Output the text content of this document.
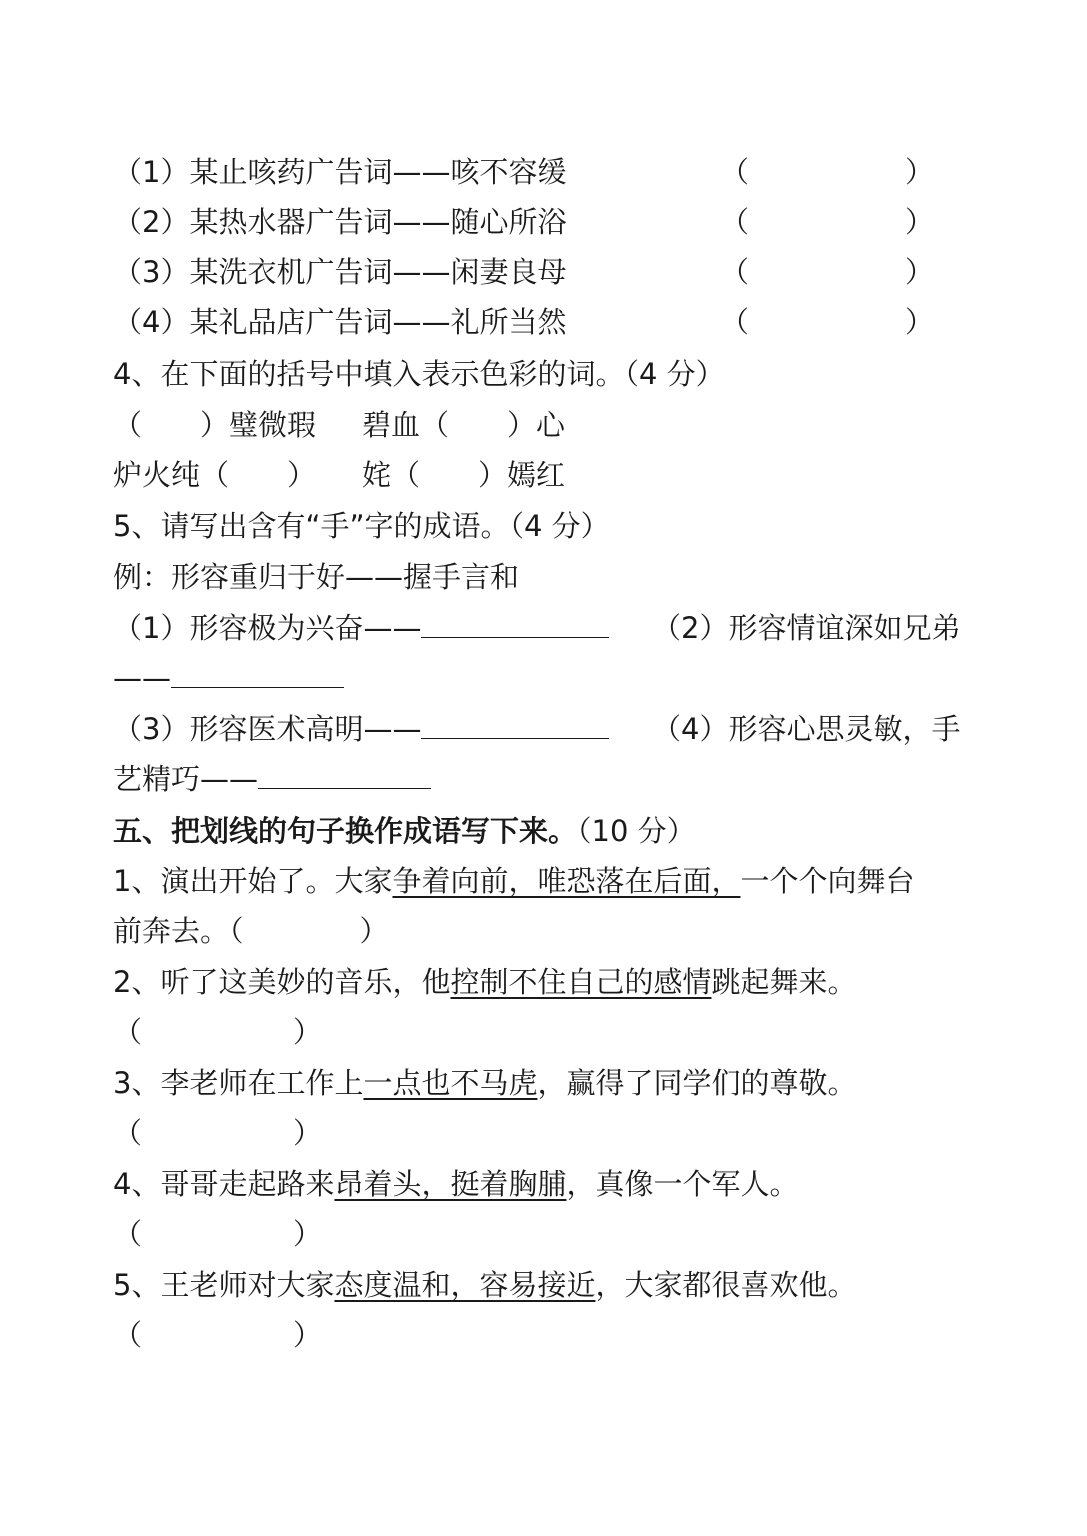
（1）某止咳药广告词——咳不容缓	（	）
（2）某热水器广告词——随心所浴	（	）
（3）某洗衣机广告词——闲妻良母	（	）
（4）某礼品店广告词——礼所当然	（	）
4、在下面的括号中填入表示色彩的词。（4 分）
（　　）璧微瑕 碧血（　　）心
炉火纯（　　） 姹（　　）嫣红
5、请写出含有“手”字的成语。（4 分）
例：形容重归于好——握手言和
（1）形容极为兴奋——	（2）形容情谊深如兄弟
——
（3）形容医术高明——	（4）形容心思灵敏，手
艺精巧——
五、把划线的句子换作成语写下来。（10 分）
1、演出开始了。大家争着向前，唯恐落在后面，一个个向舞台
前奔去。（　　　　）
2、听了这美妙的音乐，他控制不住自己的感情跳起舞来。
（	）
3、李老师在工作上一点也不马虎，赢得了同学们的尊敬。
（	）
4、哥哥走起路来昂着头，挺着胸脯，真像一个军人。
（	）
5、王老师对大家态度温和，容易接近，大家都很喜欢他。
（	）
